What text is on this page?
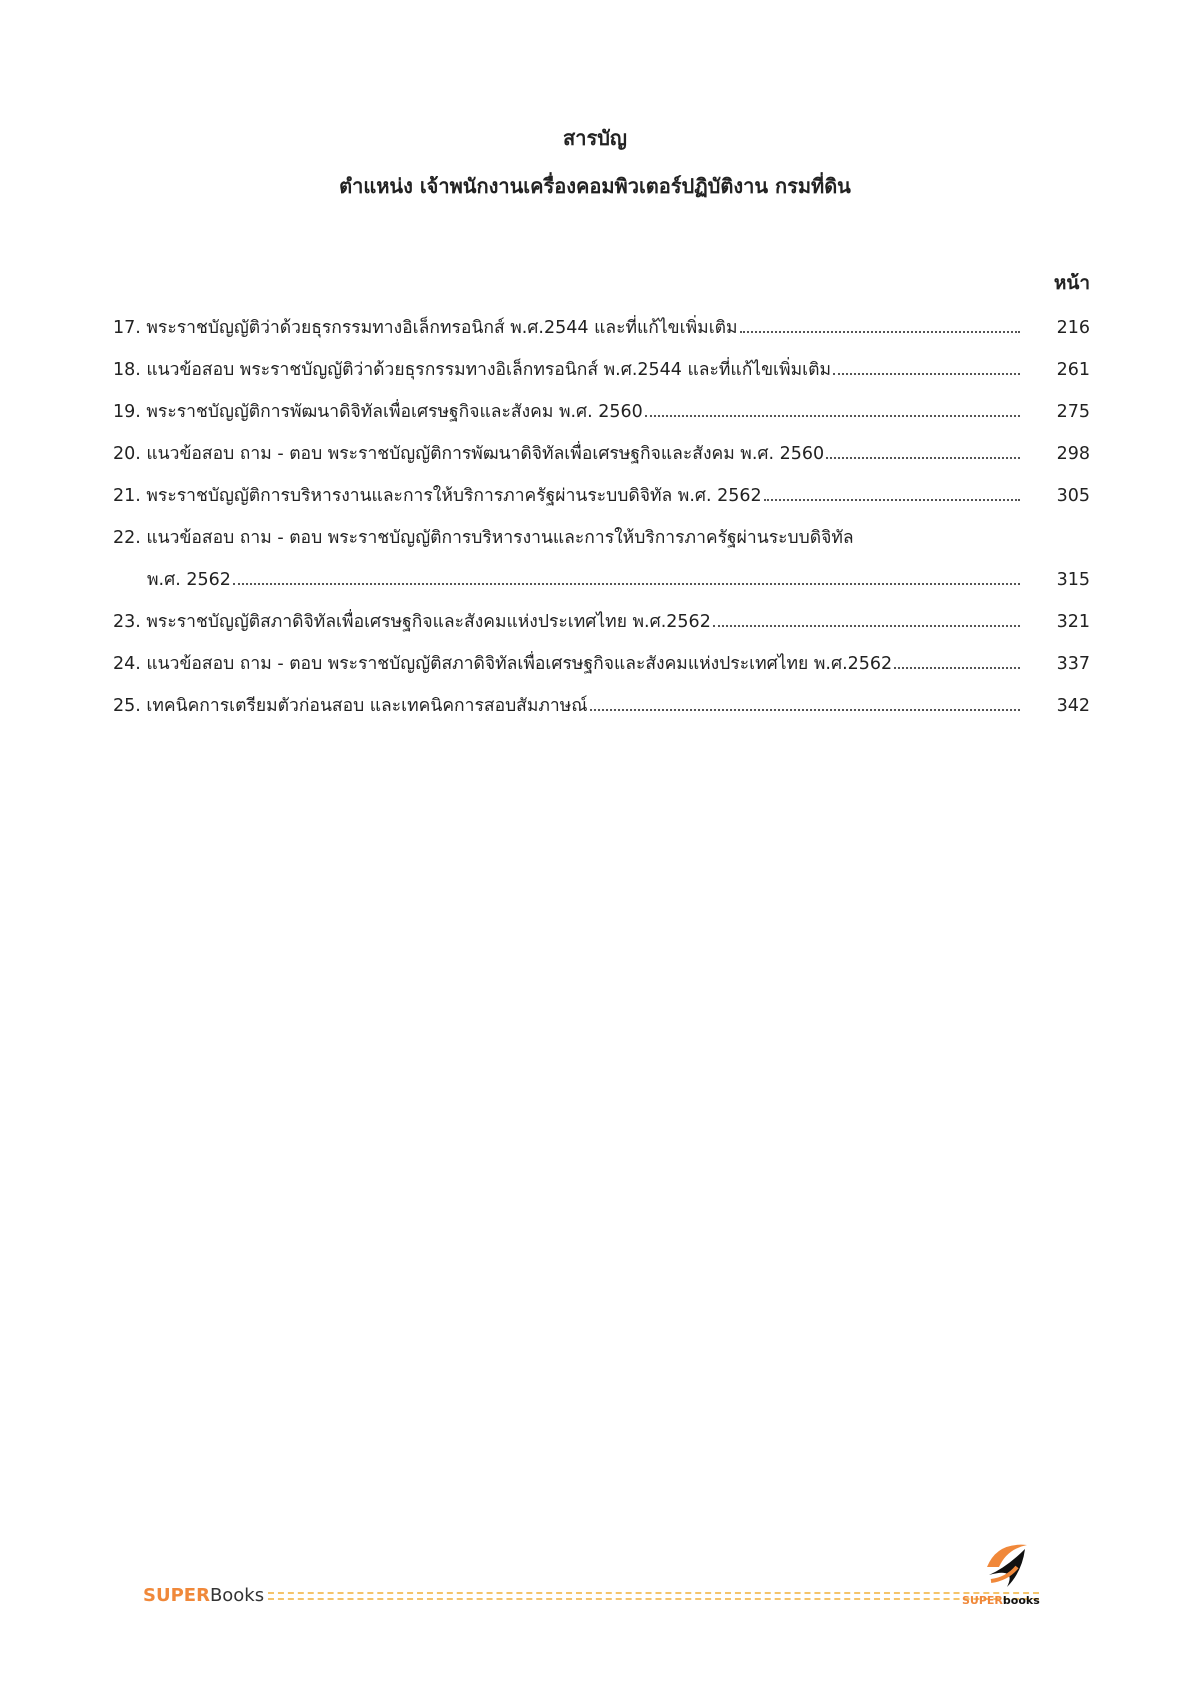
สารบัญ
ตำแหน่ง เจ้าพนักงานเครื่องคอมพิวเตอร์ปฏิบัติงาน กรมที่ดิน
หน้า
17. พระราชบัญญัติว่าด้วยธุรกรรมทางอิเล็กทรอนิกส์ พ.ศ.2544 และที่แก้ไขเพิ่มเติม	216
18. แนวข้อสอบ พระราชบัญญัติว่าด้วยธุรกรรมทางอิเล็กทรอนิกส์ พ.ศ.2544 และที่แก้ไขเพิ่มเติม	261
19. พระราชบัญญัติการพัฒนาดิจิทัลเพื่อเศรษฐกิจและสังคม พ.ศ. 2560	275
20. แนวข้อสอบ ถาม - ตอบ พระราชบัญญัติการพัฒนาดิจิทัลเพื่อเศรษฐกิจและสังคม พ.ศ. 2560	298
21. พระราชบัญญัติการบริหารงานและการให้บริการภาครัฐผ่านระบบดิจิทัล พ.ศ. 2562	305
22. แนวข้อสอบ ถาม - ตอบ พระราชบัญญัติการบริหารงานและการให้บริการภาครัฐผ่านระบบดิจิทัล
พ.ศ. 2562	315
23. พระราชบัญญัติสภาดิจิทัลเพื่อเศรษฐกิจและสังคมแห่งประเทศไทย พ.ศ.2562	321
24. แนวข้อสอบ ถาม - ตอบ พระราชบัญญัติสภาดิจิทัลเพื่อเศรษฐกิจและสังคมแห่งประเทศไทย พ.ศ.2562	337
25. เทคนิคการเตรียมตัวก่อนสอบ และเทคนิคการสอบสัมภาษณ์	342
SUPER Books	SUPERbooks
